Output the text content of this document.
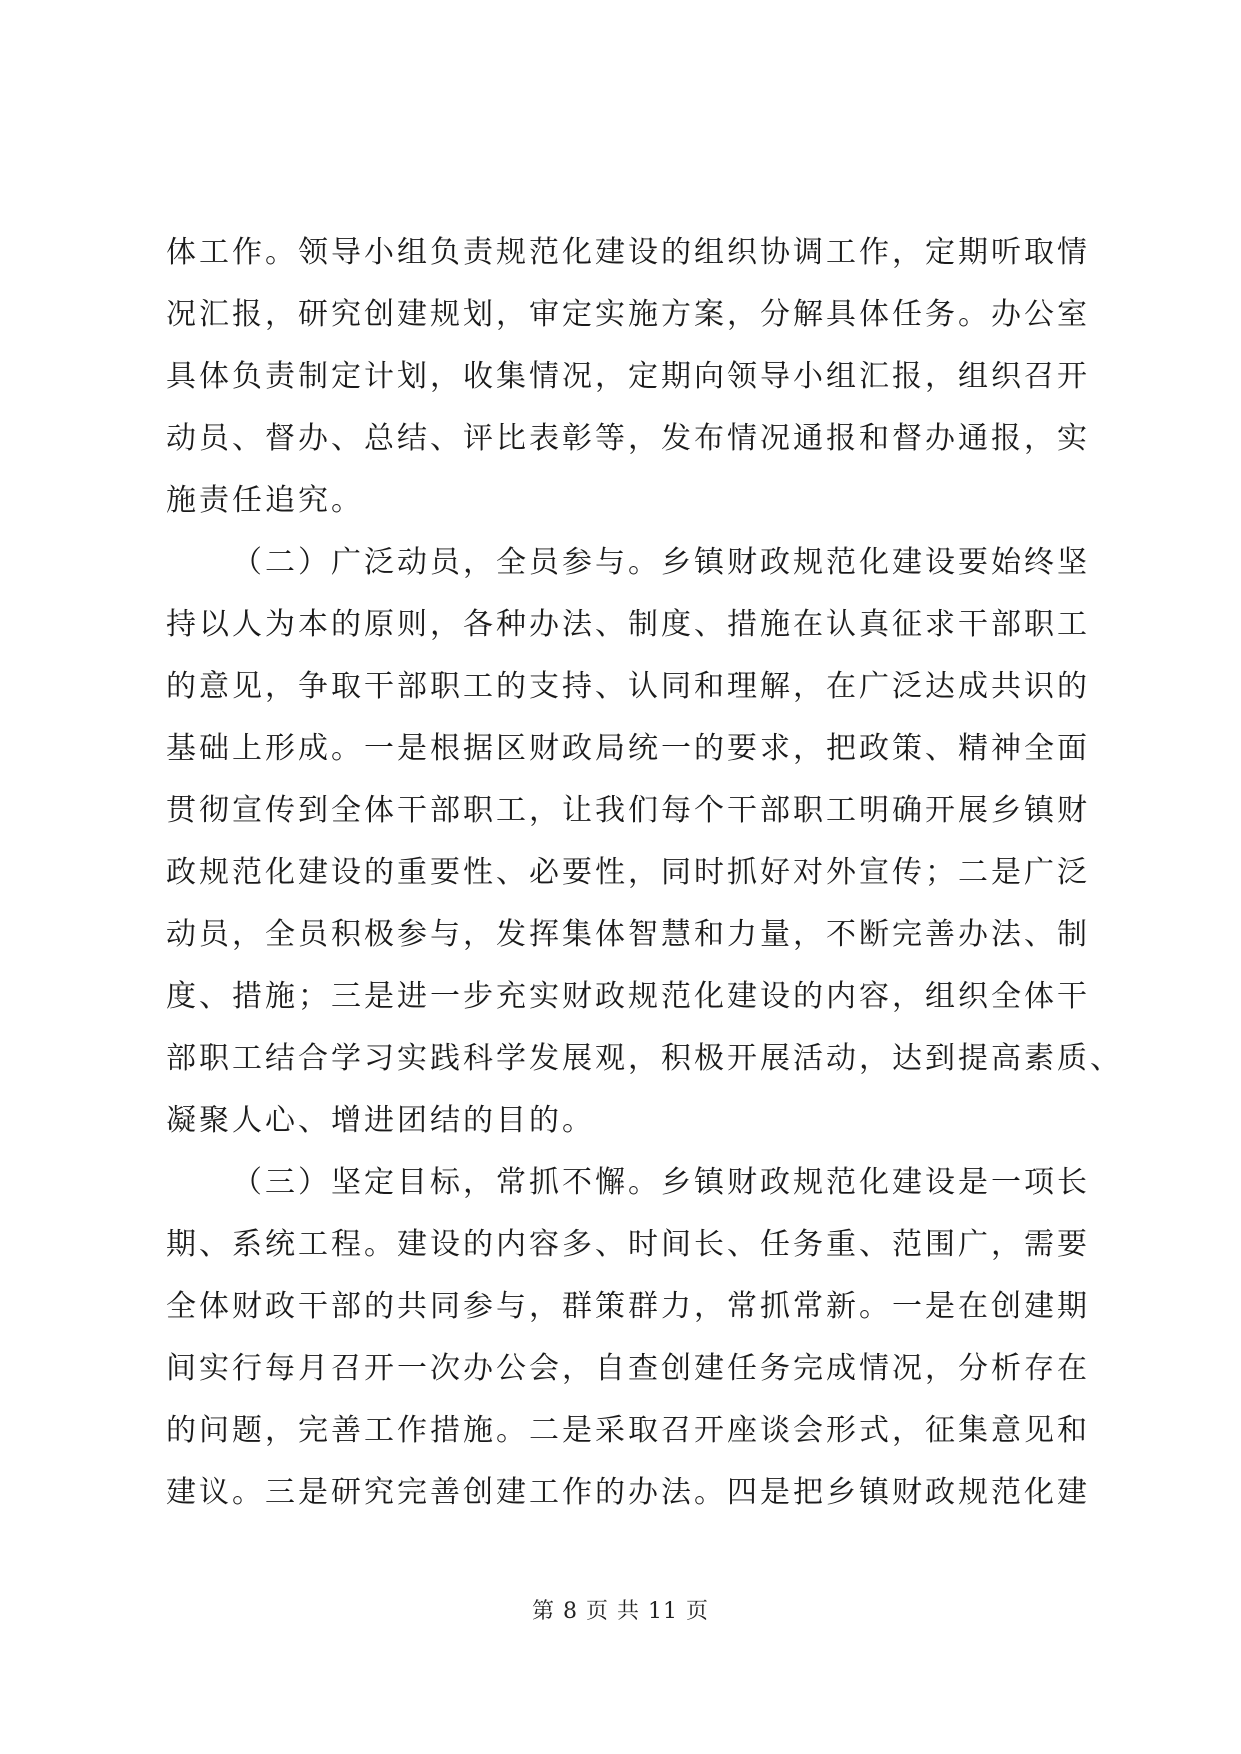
体工作。领导小组负责规范化建设的组织协调工作，定期听取情
况汇报，研究创建规划，审定实施方案，分解具体任务。办公室
具体负责制定计划，收集情况，定期向领导小组汇报，组织召开
动员、督办、总结、评比表彰等，发布情况通报和督办通报，实
施责任追究。
（二）广泛动员，全员参与。乡镇财政规范化建设要始终坚
持以人为本的原则，各种办法、制度、措施在认真征求干部职工
的意见，争取干部职工的支持、认同和理解，在广泛达成共识的
基础上形成。一是根据区财政局统一的要求，把政策、精神全面
贯彻宣传到全体干部职工，让我们每个干部职工明确开展乡镇财
政规范化建设的重要性、必要性，同时抓好对外宣传；二是广泛
动员，全员积极参与，发挥集体智慧和力量，不断完善办法、制
度、措施；三是进一步充实财政规范化建设的内容，组织全体干
部职工结合学习实践科学发展观，积极开展活动，达到提高素质、
凝聚人心、增进团结的目的。
（三）坚定目标，常抓不懈。乡镇财政规范化建设是一项长
期、系统工程。建设的内容多、时间长、任务重、范围广，需要
全体财政干部的共同参与，群策群力，常抓常新。一是在创建期
间实行每月召开一次办公会，自查创建任务完成情况，分析存在
的问题，完善工作措施。二是采取召开座谈会形式，征集意见和
建议。三是研究完善创建工作的办法。四是把乡镇财政规范化建
第 8 页 共 11 页
